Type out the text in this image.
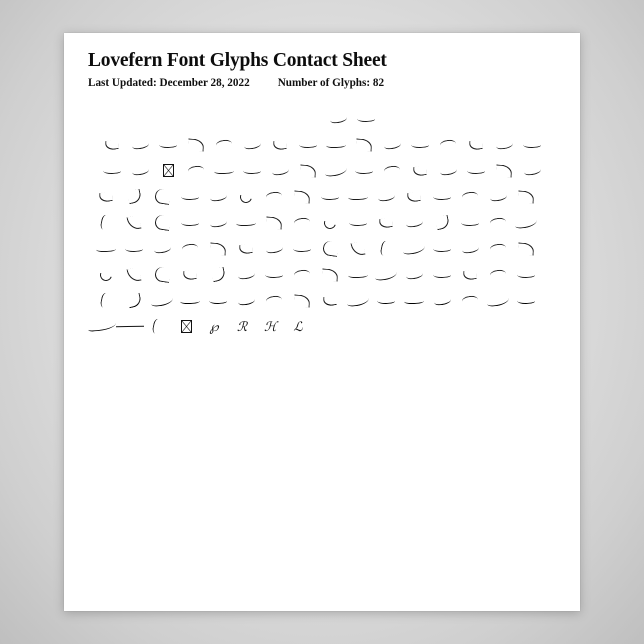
Lovefern Font Glyphs Contact Sheet
Last Updated: December 28, 2022	Number of Glyphs: 82
℘ ℛ ℋ ℒ
